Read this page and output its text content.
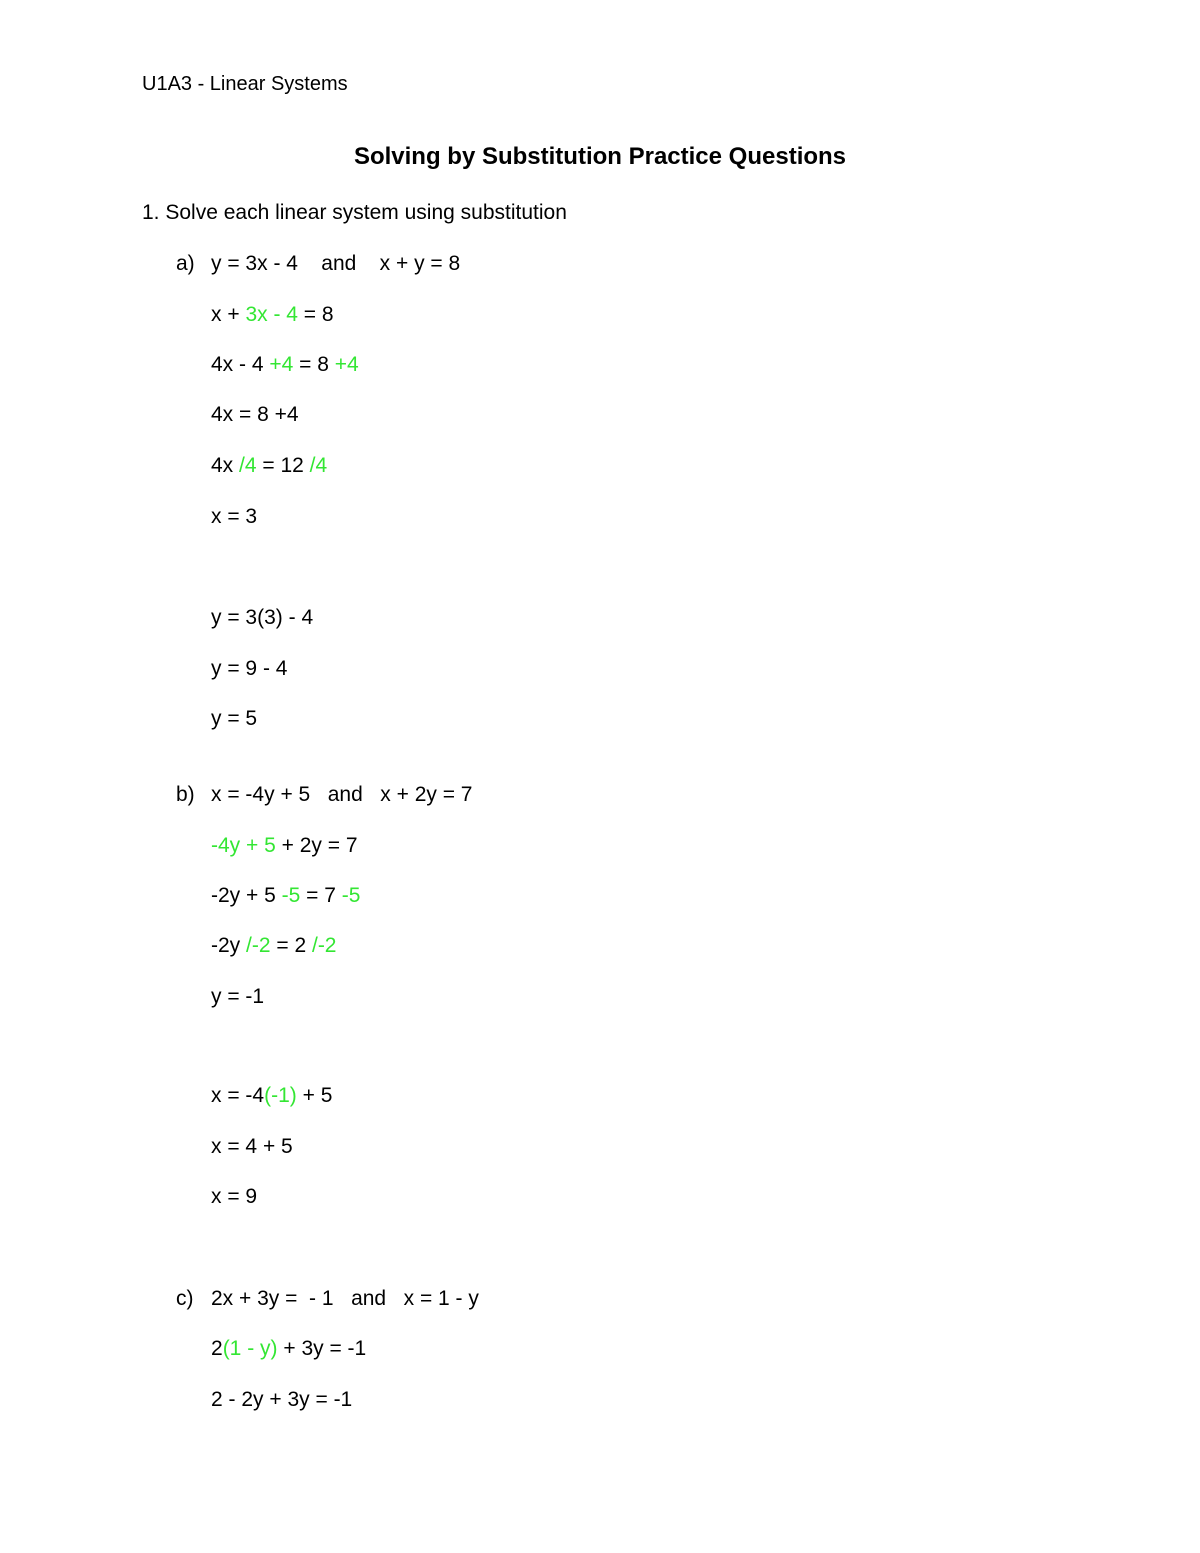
U1A3 - Linear Systems
Solving by Substitution Practice Questions
1. Solve each linear system using substitution
a) y = 3x - 4    and    x + y = 8
x + 3x - 4 = 8
4x - 4 +4 = 8 +4
4x = 8 +4
4x /4 = 12 /4
x = 3
y = 3(3) - 4
y = 9 - 4
y = 5
b) x = -4y + 5   and   x + 2y = 7
-4y + 5 + 2y = 7
-2y + 5 -5 = 7 -5
-2y /-2 = 2 /-2
y = -1
x = -4(-1) + 5
x = 4 + 5
x = 9
c) 2x + 3y =  - 1   and   x = 1 - y
2(1 - y) + 3y = -1
2 - 2y + 3y = -1
